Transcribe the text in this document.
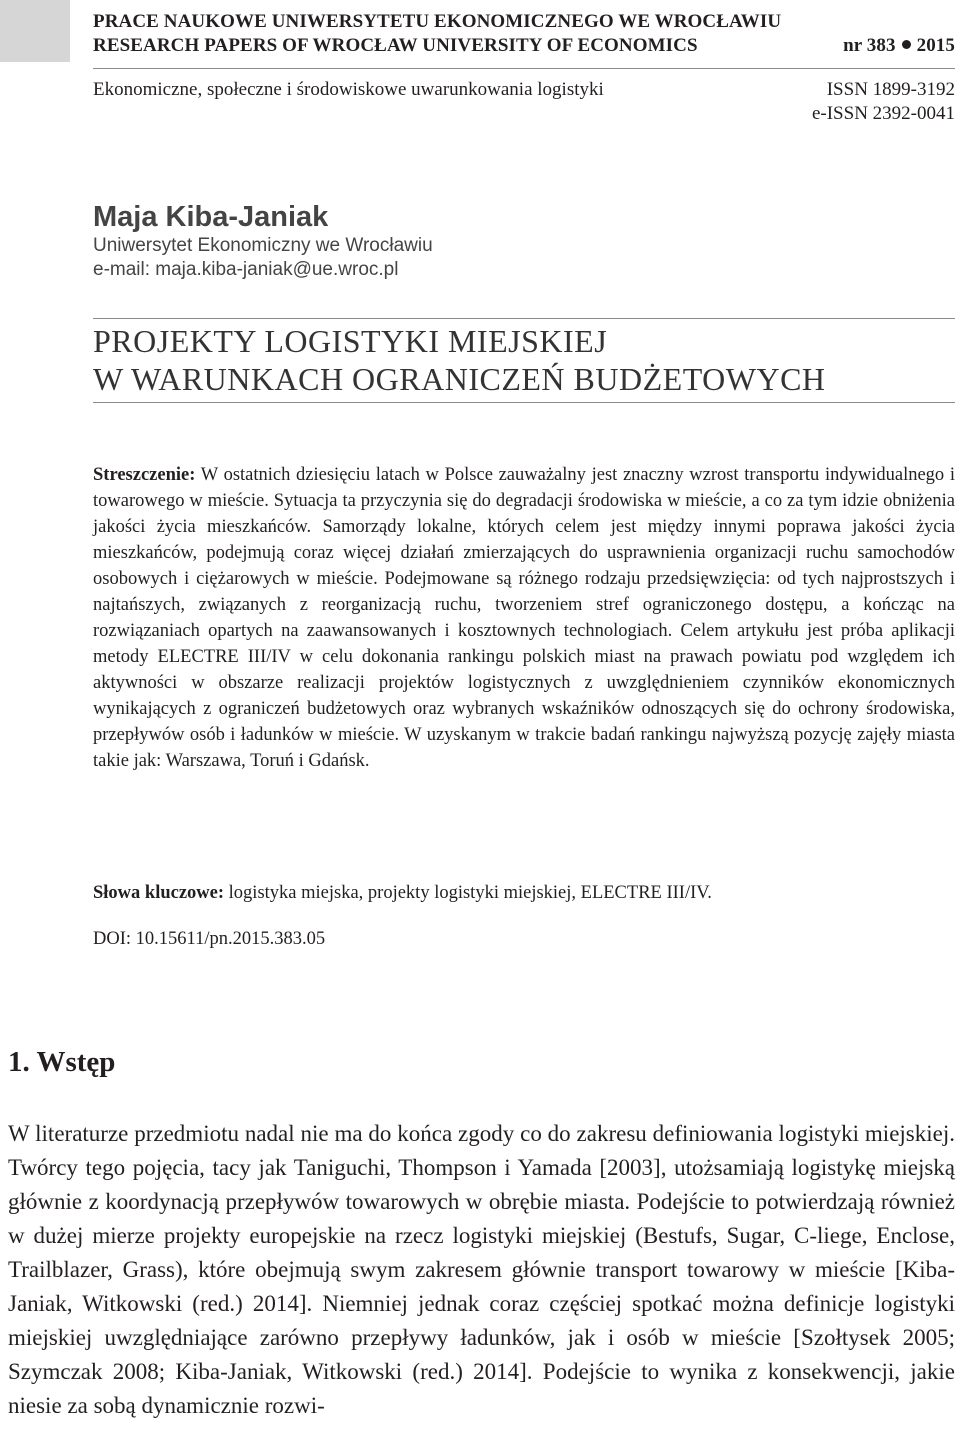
PRACE NAUKOWE UNIWERSYTETU EKONOMICZNEGO WE WROCŁAWIU
RESEARCH PAPERS OF WROCŁAW UNIVERSITY OF ECONOMICS	nr 383 2015
Ekonomiczne, społeczne i środowiskowe uwarunkowania logistyki	ISSN 1899-3192
e-ISSN 2392-0041
Maja Kiba-Janiak
Uniwersytet Ekonomiczny we Wrocławiu
e-mail: maja.kiba-janiak@ue.wroc.pl
PROJEKTY LOGISTYKI MIEJSKIEJ
W WARUNKACH OGRANICZEŃ BUDŻETOWYCH
Streszczenie: W ostatnich dziesięciu latach w Polsce zauważalny jest znaczny wzrost transportu indywidualnego i towarowego w mieście. Sytuacja ta przyczynia się do degradacji środowiska w mieście, a co za tym idzie obniżenia jakości życia mieszkańców. Samorządy lokalne, których celem jest między innymi poprawa jakości życia mieszkańców, podejmują coraz więcej działań zmierzających do usprawnienia organizacji ruchu samochodów osobowych i ciężarowych w mieście. Podejmowane są różnego rodzaju przedsięwzięcia: od tych najprostszych i najtańszych, związanych z reorganizacją ruchu, tworzeniem stref ograniczonego dostępu, a kończąc na rozwiązaniach opartych na zaawansowanych i kosztownych technologiach. Celem artykułu jest próba aplikacji metody ELECTRE III/IV w celu dokonania rankingu polskich miast na prawach powiatu pod względem ich aktywności w obszarze realizacji projektów logistycznych z uwzględnieniem czynników ekonomicznych wynikających z ograniczeń budżetowych oraz wybranych wskaźników odnoszących się do ochrony środowiska, przepływów osób i ładunków w mieście. W uzyskanym w trakcie badań rankingu najwyższą pozycję zajęły miasta takie jak: Warszawa, Toruń i Gdańsk.
Słowa kluczowe: logistyka miejska, projekty logistyki miejskiej, ELECTRE III/IV.
DOI: 10.15611/pn.2015.383.05
1. Wstęp
W literaturze przedmiotu nadal nie ma do końca zgody co do zakresu definiowania logistyki miejskiej. Twórcy tego pojęcia, tacy jak Taniguchi, Thompson i Yamada [2003], utożsamiają logistykę miejską głównie z koordynacją przepływów towarowych w obrębie miasta. Podejście to potwierdzają również w dużej mierze projekty europejskie na rzecz logistyki miejskiej (Bestufs, Sugar, C-liege, Enclose, Trailblazer, Grass), które obejmują swym zakresem głównie transport towarowy w mieście [Kiba-Janiak, Witkowski (red.) 2014]. Niemniej jednak coraz częściej spotkać można definicje logistyki miejskiej uwzględniające zarówno przepływy ładunków, jak i osób w mieście [Szołtysek 2005; Szymczak 2008; Kiba-Janiak, Witkowski (red.) 2014]. Podejście to wynika z konsekwencji, jakie niesie za sobą dynamicznie rozwi-
